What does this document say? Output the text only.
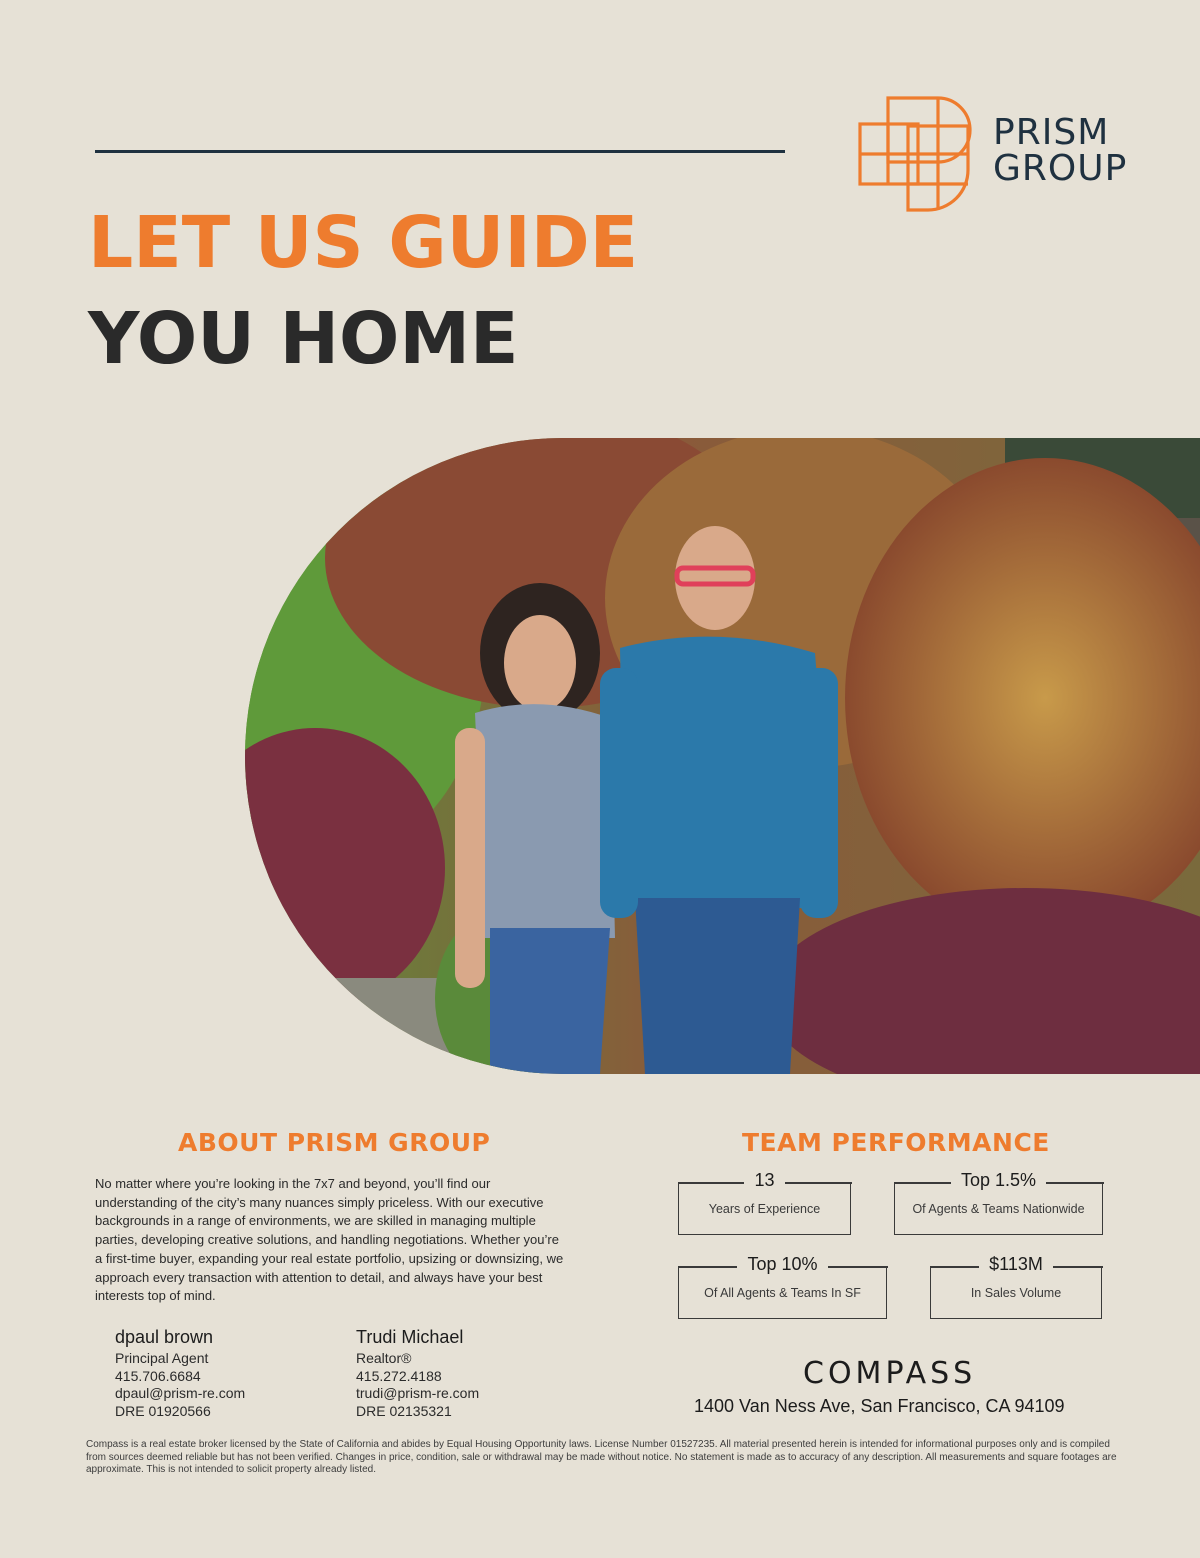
PRISM
GROUP
LET US GUIDE
YOU HOME
ABOUT PRISM GROUP
No matter where you’re looking in the 7x7 and beyond, you’ll find our understanding of the city’s many nuances simply priceless. With our executive backgrounds in a range of environments, we are skilled in managing multiple parties, developing creative solutions, and handling negotiations. Whether you’re a first-time buyer, expanding your real estate portfolio, upsizing or downsizing, we approach every transaction with attention to detail, and always have your best interests top of mind.
dpaul brown
Principal Agent
415.706.6684
dpaul@prism-re.com
DRE 01920566
Trudi Michael
Realtor®
415.272.4188
trudi@prism-re.com
DRE 02135321
TEAM PERFORMANCE
13
Years of Experience
Top 1.5%
Of Agents & Teams Nationwide
Top 10%
Of All Agents & Teams In SF
$113M
In Sales Volume
COMPASS
1400 Van Ness Ave, San Francisco, CA 94109
Compass is a real estate broker licensed by the State of California and abides by Equal Housing Opportunity laws. License Number 01527235. All material presented herein is intended for informational purposes only and is compiled from sources deemed reliable but has not been verified. Changes in price, condition, sale or withdrawal may be made without notice. No statement is made as to accuracy of any description. All measurements and square footages are approximate. This is not intended to solicit property already listed.
